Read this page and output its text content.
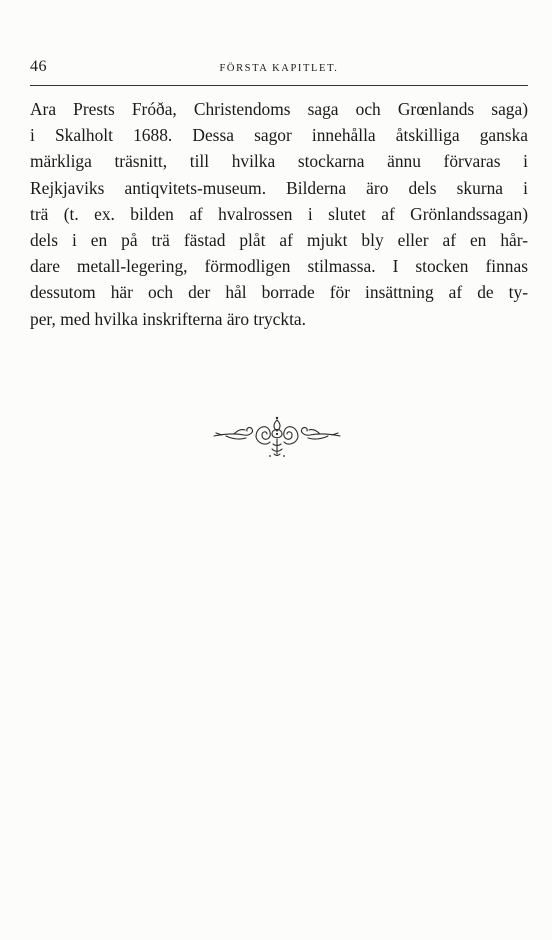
46	FÖRSTA KAPITLET.
Ara Prests Fróða, Christendoms saga och Grœnlands saga)
i Skalholt 1688. Dessa sagor innehålla åtskilliga ganska
märkliga träsnitt, till hvilka stockarna ännu förvaras i
Rejkjaviks antiqvitets-museum. Bilderna äro dels skurna i
trä (t. ex. bilden af hvalrossen i slutet af Grönlandssagan)
dels i en på trä fästad plåt af mjukt bly eller af en hår-
dare metall-legering, förmodligen stilmassa. I stocken finnas
dessutom här och der hål borrade för insättning af de ty-
per, med hvilka inskrifterna äro tryckta.
